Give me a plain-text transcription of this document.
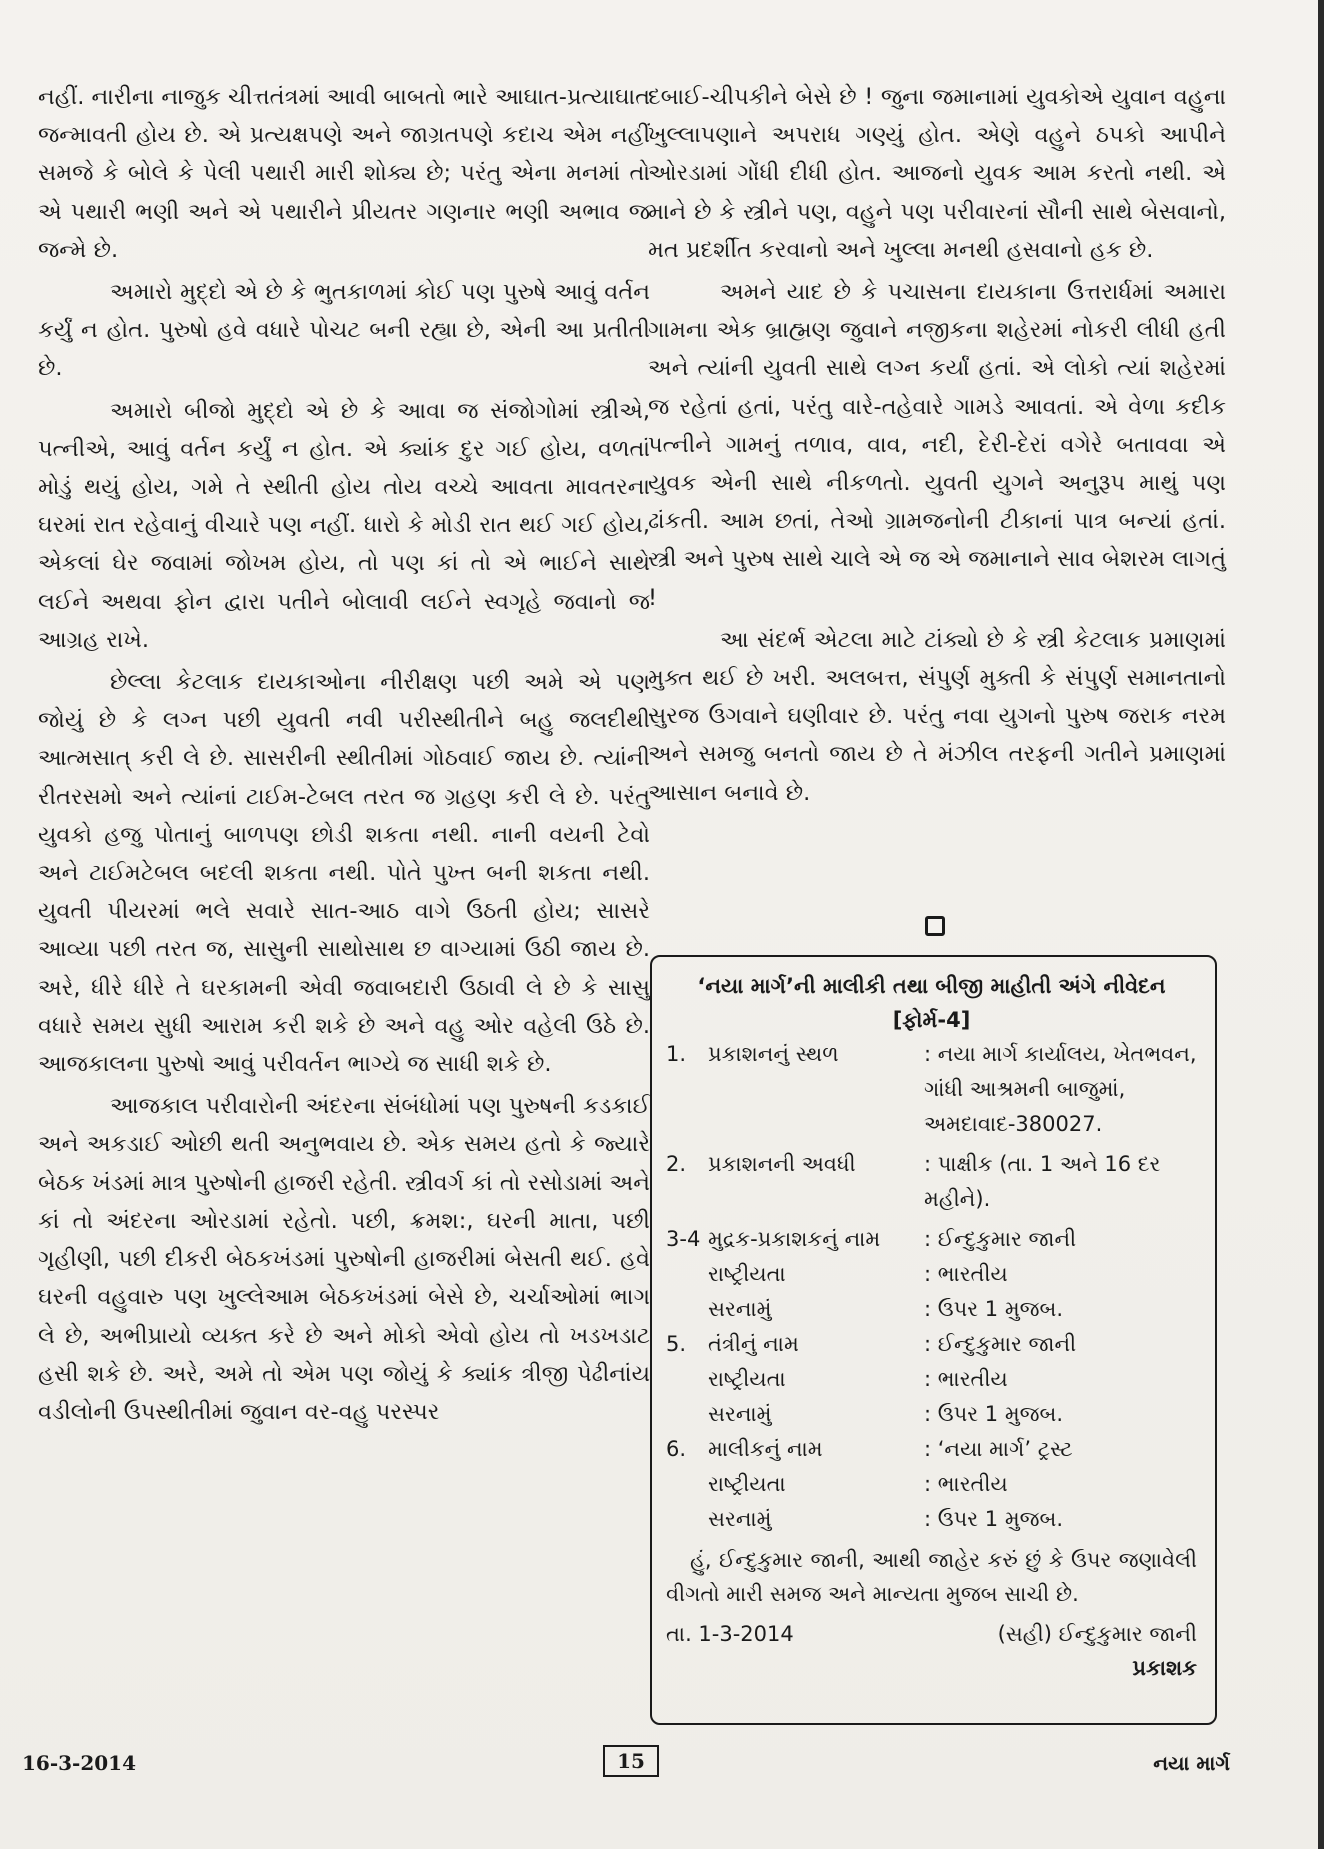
નહીં. નારીના નાજુક ચીત્તતંત્રમાં આવી બાબતો ભારે આઘાત-પ્રત્યાઘાત જન્માવતી હોય છે. એ પ્રત્યક્ષપણે અને જાગ્રતપણે કદાચ એમ નહીં સમજે કે બોલે કે પેલી પથારી મારી શોક્ય છે; પરંતુ એના મનમાં તો એ પથારી ભણી અને એ પથારીને પ્રીયતર ગણનાર ભણી અભાવ જ જન્મે છે.

અમારો મુદ્દો એ છે કે ભુતકાળમાં કોઈ પણ પુરુષે આવું વર્તન કર્યું ન હોત. પુરુષો હવે વધારે પોચટ બની રહ્યા છે, એની આ પ્રતીતી છે.

અમારો બીજો મુદ્દો એ છે કે આવા જ સંજોગોમાં સ્ત્રીએ, પત્નીએ, આવું વર્તન કર્યું ન હોત. એ ક્યાંક દુર ગઈ હોય, વળતાં મોડું થયું હોય, ગમે તે સ્થીતી હોય તોય વચ્ચે આવતા માવતરના ઘરમાં રાત રહેવાનું વીચારે પણ નહીં. ધારો કે મોડી રાત થઈ ગઈ હોય, એકલાં ઘેર જવામાં જોખમ હોય, તો પણ કાં તો એ ભાઈને સાથે લઈને અથવા ફોન દ્વારા પતીને બોલાવી લઈને સ્વગૃહે જવાનો જ આગ્રહ રાખે.

છેલ્લા કેટલાક દાયકાઓના નીરીક્ષણ પછી અમે એ પણ જોયું છે કે લગ્ન પછી યુવતી નવી પરીસ્થીતીને બહુ જલદીથી આત્મસાત્ કરી લે છે. સાસરીની સ્થીતીમાં ગોઠવાઈ જાય છે. ત્યાંની રીતરસમો અને ત્યાંનાં ટાઈમ-ટેબલ તરત જ ગ્રહણ કરી લે છે. પરંતુ યુવકો હજુ પોતાનું બાળપણ છોડી શકતા નથી. નાની વયની ટેવો અને ટાઈમટેબલ બદલી શકતા નથી. પોતે પુખ્ત બની શકતા નથી. યુવતી પીયરમાં ભલે સવારે સાત-આઠ વાગે ઉઠતી હોય; સાસરે આવ્યા પછી તરત જ, સાસુની સાથોસાથ છ વાગ્યામાં ઉઠી જાય છે. અરે, ધીરે ધીરે તે ઘરકામની એવી જવાબદારી ઉઠાવી લે છે કે સાસુ વધારે સમય સુધી આરામ કરી શકે છે અને વહુ ઓર વહેલી ઉઠે છે. આજકાલના પુરુષો આવું પરીવર્તન ભાગ્યે જ સાધી શકે છે.

આજકાલ પરીવારોની અંદરના સંબંધોમાં પણ પુરુષની કડકાઈ અને અકડાઈ ઓછી થતી અનુભવાય છે. એક સમય હતો કે જ્યારે બેઠક ખંડમાં માત્ર પુરુષોની હાજરી રહેતી. સ્ત્રીવર્ગ કાં તો રસોડામાં અને કાં તો અંદરના ઓરડામાં રહેતો. પછી, ક્રમશ:, ઘરની માતા, પછી ગૃહીણી, પછી દીકરી બેઠકખંડમાં પુરુષોની હાજરીમાં બેસતી થઈ. હવે ઘરની વહુવારુ પણ ખુલ્લેઆમ બેઠકખંડમાં બેસે છે, ચર્ચાઓમાં ભાગ લે છે, અભીપ્રાયો વ્યક્ત કરે છે અને મોકો એવો હોય તો ખડખડાટ હસી શકે છે. અરે, અમે તો એમ પણ જોયું કે ક્યાંક ત્રીજી પેઢીનાંય વડીલોની ઉપસ્થીતીમાં જુવાન વર-વહુ પરસ્પર

દબાઈ-ચીપકીને બેસે છે ! જુના જમાનામાં યુવકોએ યુવાન વહુના ખુલ્લાપણાને અપરાધ ગણ્યું હોત. એણે વહુને ઠપકો આપીને ઓરડામાં ગોંધી દીધી હોત. આજનો યુવક આમ કરતો નથી. એ માને છે કે સ્ત્રીને પણ, વહુને પણ પરીવારનાં સૌની સાથે બેસવાનો, મત પ્રદર્શીત કરવાનો અને ખુલ્લા મનથી હસવાનો હક છે.

અમને યાદ છે કે પચાસના દાયકાના ઉત્તરાર્ધમાં અમારા ગામના એક બ્રાહ્મણ જુવાને નજીકના શહેરમાં નોકરી લીધી હતી અને ત્યાંની યુવતી સાથે લગ્ન કર્યાં હતાં. એ લોકો ત્યાં શહેરમાં જ રહેતાં હતાં, પરંતુ વારે-તહેવારે ગામડે આવતાં. એ વેળા કદીક પત્નીને ગામનું તળાવ, વાવ, નદી, દેરી-દેરાં વગેરે બતાવવા એ યુવક એની સાથે નીકળતો. યુવતી યુગને અનુરૂપ માથું પણ ઢાંકતી. આમ છતાં, તેઓ ગ્રામજનોની ટીકાનાં પાત્ર બન્યાં હતાં. સ્ત્રી અને પુરુષ સાથે ચાલે એ જ એ જમાનાને સાવ બેશરમ લાગતું !

આ સંદર્ભ એટલા માટે ટાંક્યો છે કે સ્ત્રી કેટલાક પ્રમાણમાં મુક્ત થઈ છે ખરી. અલબત્ત, સંપુર્ણ મુક્તી કે સંપુર્ણ સમાનતાનો સુરજ ઉગવાને ઘણીવાર છે. પરંતુ નવા યુગનો પુરુષ જરાક નરમ અને સમજુ બનતો જાય છે તે મંઝીલ તરફની ગતીને પ્રમાણમાં આસાન બનાવે છે.

‘નયા માર્ગ’ની માલીકી તથા બીજી માહીતી અંગે નીવેદન
[ફોર્મ-4]
1.	પ્રકાશનનું સ્થળ	: નયા માર્ગ કાર્યાલય, ખેતભવન, ગાંધી આશ્રમની બાજુમાં, અમદાવાદ-380027.
2.	પ્રકાશનની અવધી	: પાક્ષીક (તા. 1 અને 16 દર મહીને).
3-4 મુદ્રક-પ્રકાશકનું નામ	: ઈન્દુકુમાર જાની
રાષ્ટ્રીયતા	: ભારતીય
સરનામું	: ઉપર 1 મુજબ.
5.	તંત્રીનું નામ	: ઈન્દુકુમાર જાની
રાષ્ટ્રીયતા	: ભારતીય
સરનામું	: ઉપર 1 મુજબ.
6.	માલીકનું નામ	: ‘નયા માર્ગ’ ટ્રસ્ટ
રાષ્ટ્રીયતા	: ભારતીય
સરનામું	: ઉપર 1 મુજબ.
હું, ઈન્દુકુમાર જાની, આથી જાહેર કરું છું કે ઉપર જણાવેલી વીગતો મારી સમજ અને માન્યતા મુજબ સાચી છે.
તા. 1-3-2014	(સહી) ઈન્દુકુમાર જાની
પ્રકાશક
16-3-2014	15	નયા માર્ગ
